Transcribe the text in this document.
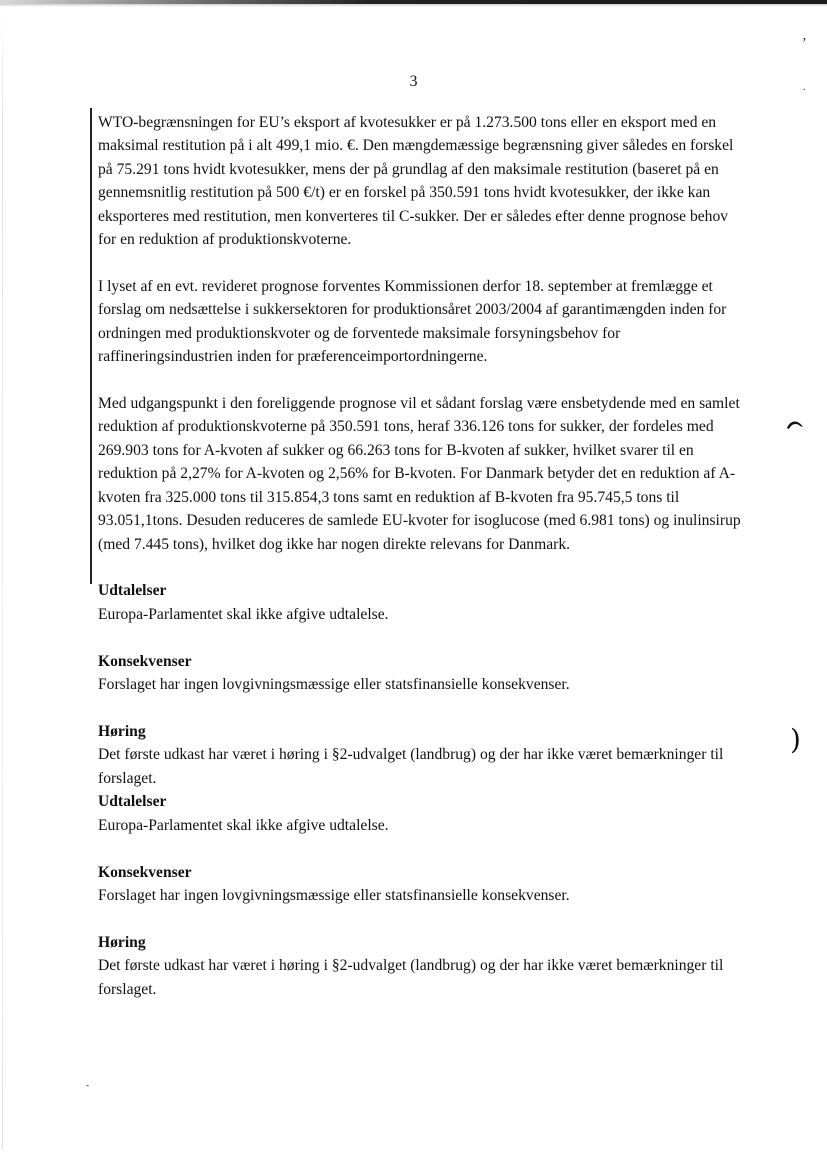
3

WTO-begrænsningen for EU’s eksport af kvotesukker er på 1.273.500 tons eller en eksport med en maksimal restitution på i alt 499,1 mio. €. Den mængdemæssige begrænsning giver således en forskel på 75.291 tons hvidt kvotesukker, mens der på grundlag af den maksimale restitution (baseret på en gennemsnitlig restitution på 500 €/t) er en forskel på 350.591 tons hvidt kvotesukker, der ikke kan eksporteres med restitution, men konverteres til C-sukker. Der er således efter denne prognose behov for en reduktion af produktionskvoterne.

I lyset af en evt. revideret prognose forventes Kommissionen derfor 18. september at fremlægge et forslag om nedsættelse i sukkersektoren for produktionsåret 2003/2004 af garantimængden inden for ordningen med produktionskvoter og de forventede maksimale forsyningsbehov for raffineringsindustrien inden for præferenceimportordningerne.

Med udgangspunkt i den foreliggende prognose vil et sådant forslag være ensbetydende med en samlet reduktion af produktionskvoterne på 350.591 tons, heraf 336.126 tons for sukker, der fordeles med 269.903 tons for A-kvoten af sukker og 66.263 tons for B-kvoten af sukker, hvilket svarer til en reduktion på 2,27% for A-kvoten og 2,56% for B-kvoten. For Danmark betyder det en reduktion af A-kvoten fra 325.000 tons til 315.854,3 tons samt en reduktion af B-kvoten fra 95.745,5 tons til 93.051,1tons. Desuden reduceres de samlede EU-kvoter for isoglucose (med 6.981 tons) og inulinsirup (med 7.445 tons), hvilket dog ikke har nogen direkte relevans for Danmark.

Udtalelser

Europa-Parlamentet skal ikke afgive udtalelse.

Konsekvenser

Forslaget har ingen lovgivningsmæssige eller statsfinansielle konsekvenser.

Høring

Det første udkast har været i høring i §2-udvalget (landbrug) og der har ikke været bemærkninger til forslaget.

Udtalelser

Europa-Parlamentet skal ikke afgive udtalelse.

Konsekvenser

Forslaget har ingen lovgivningsmæssige eller statsfinansielle konsekvenser.

Høring

Det første udkast har været i høring i §2-udvalget (landbrug) og der har ikke været bemærkninger til forslaget.

’
.
)
-
